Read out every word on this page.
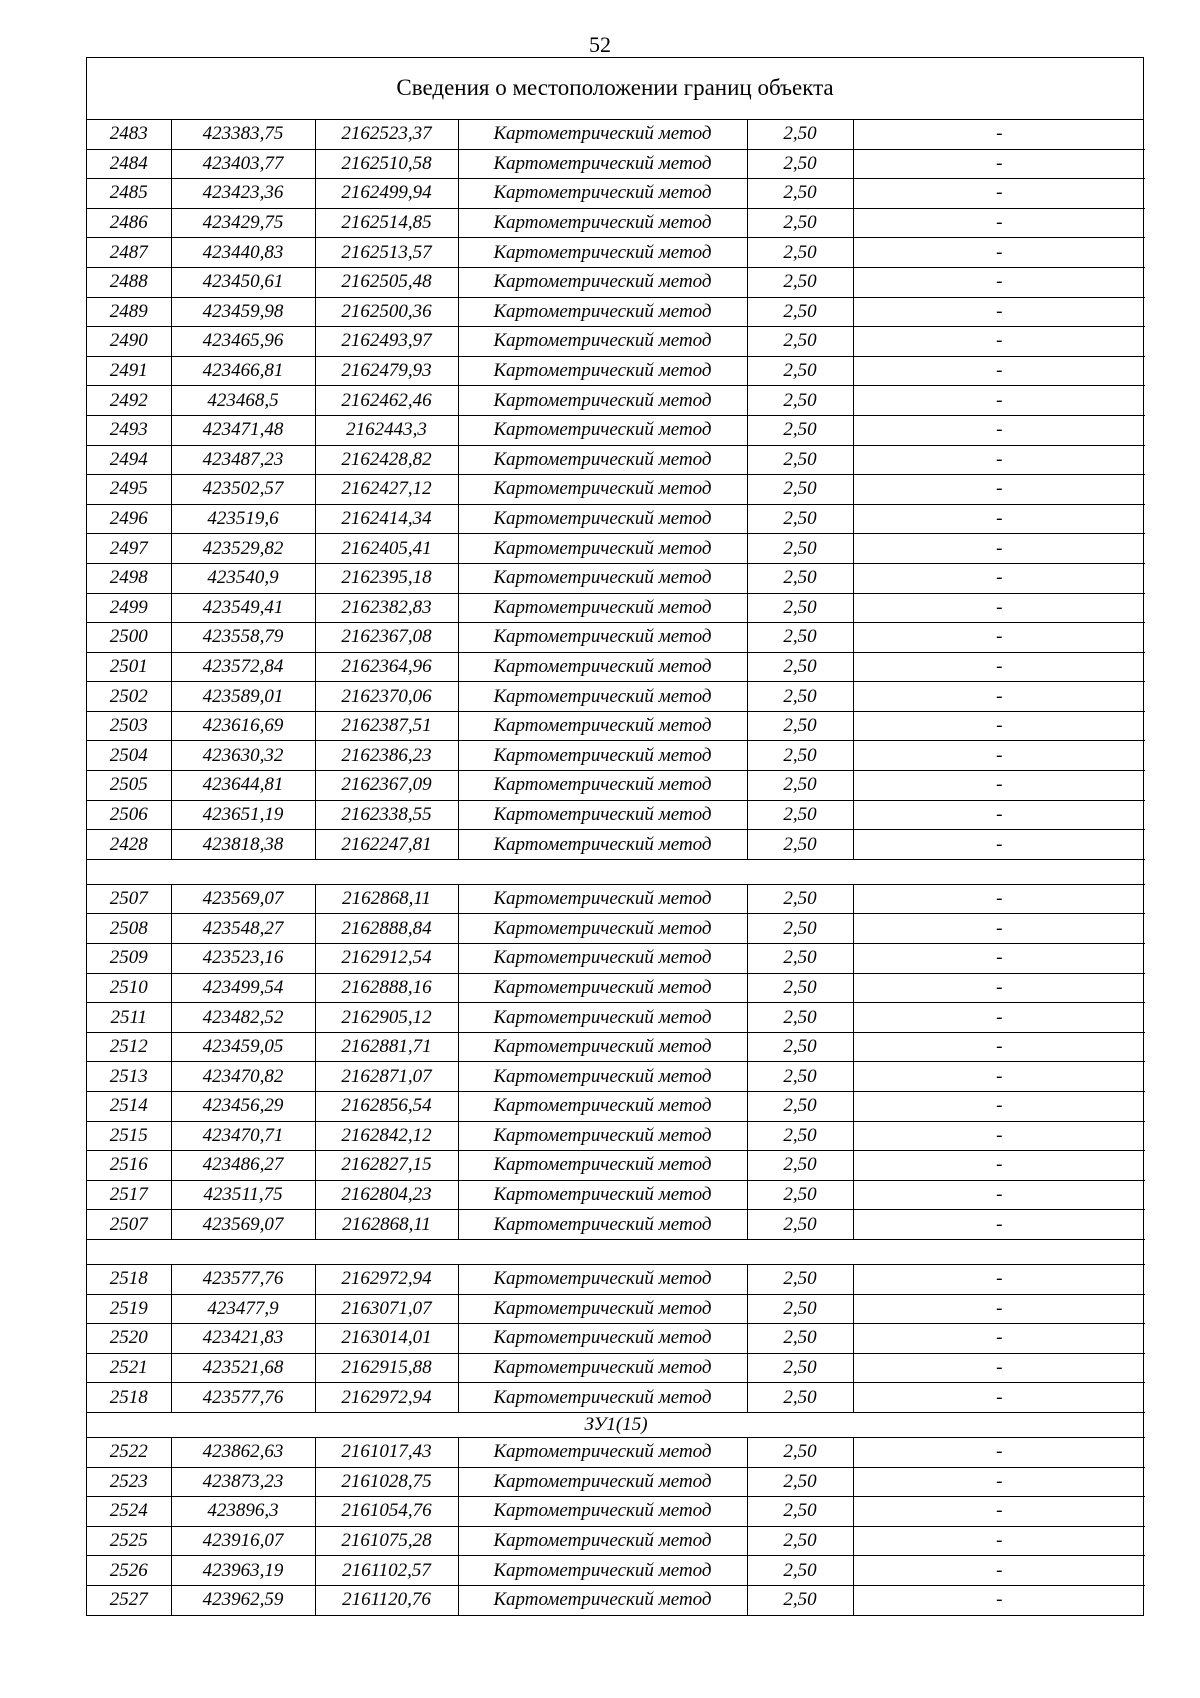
52
Сведения о местоположении границ объекта
2483	423383,75	2162523,37	Картометрический метод	2,50	-
2484	423403,77	2162510,58	Картометрический метод	2,50	-
2485	423423,36	2162499,94	Картометрический метод	2,50	-
2486	423429,75	2162514,85	Картометрический метод	2,50	-
2487	423440,83	2162513,57	Картометрический метод	2,50	-
2488	423450,61	2162505,48	Картометрический метод	2,50	-
2489	423459,98	2162500,36	Картометрический метод	2,50	-
2490	423465,96	2162493,97	Картометрический метод	2,50	-
2491	423466,81	2162479,93	Картометрический метод	2,50	-
2492	423468,5	2162462,46	Картометрический метод	2,50	-
2493	423471,48	2162443,3	Картометрический метод	2,50	-
2494	423487,23	2162428,82	Картометрический метод	2,50	-
2495	423502,57	2162427,12	Картометрический метод	2,50	-
2496	423519,6	2162414,34	Картометрический метод	2,50	-
2497	423529,82	2162405,41	Картометрический метод	2,50	-
2498	423540,9	2162395,18	Картометрический метод	2,50	-
2499	423549,41	2162382,83	Картометрический метод	2,50	-
2500	423558,79	2162367,08	Картометрический метод	2,50	-
2501	423572,84	2162364,96	Картометрический метод	2,50	-
2502	423589,01	2162370,06	Картометрический метод	2,50	-
2503	423616,69	2162387,51	Картометрический метод	2,50	-
2504	423630,32	2162386,23	Картометрический метод	2,50	-
2505	423644,81	2162367,09	Картометрический метод	2,50	-
2506	423651,19	2162338,55	Картометрический метод	2,50	-
2428	423818,38	2162247,81	Картометрический метод	2,50	-

2507	423569,07	2162868,11	Картометрический метод	2,50	-
2508	423548,27	2162888,84	Картометрический метод	2,50	-
2509	423523,16	2162912,54	Картометрический метод	2,50	-
2510	423499,54	2162888,16	Картометрический метод	2,50	-
2511	423482,52	2162905,12	Картометрический метод	2,50	-
2512	423459,05	2162881,71	Картометрический метод	2,50	-
2513	423470,82	2162871,07	Картометрический метод	2,50	-
2514	423456,29	2162856,54	Картометрический метод	2,50	-
2515	423470,71	2162842,12	Картометрический метод	2,50	-
2516	423486,27	2162827,15	Картометрический метод	2,50	-
2517	423511,75	2162804,23	Картометрический метод	2,50	-
2507	423569,07	2162868,11	Картометрический метод	2,50	-

2518	423577,76	2162972,94	Картометрический метод	2,50	-
2519	423477,9	2163071,07	Картометрический метод	2,50	-
2520	423421,83	2163014,01	Картометрический метод	2,50	-
2521	423521,68	2162915,88	Картометрический метод	2,50	-
2518	423577,76	2162972,94	Картометрический метод	2,50	-
ЗУ1(15)					
2522	423862,63	2161017,43	Картометрический метод	2,50	-
2523	423873,23	2161028,75	Картометрический метод	2,50	-
2524	423896,3	2161054,76	Картометрический метод	2,50	-
2525	423916,07	2161075,28	Картометрический метод	2,50	-
2526	423963,19	2161102,57	Картометрический метод	2,50	-
2527	423962,59	2161120,76	Картометрический метод	2,50	-
